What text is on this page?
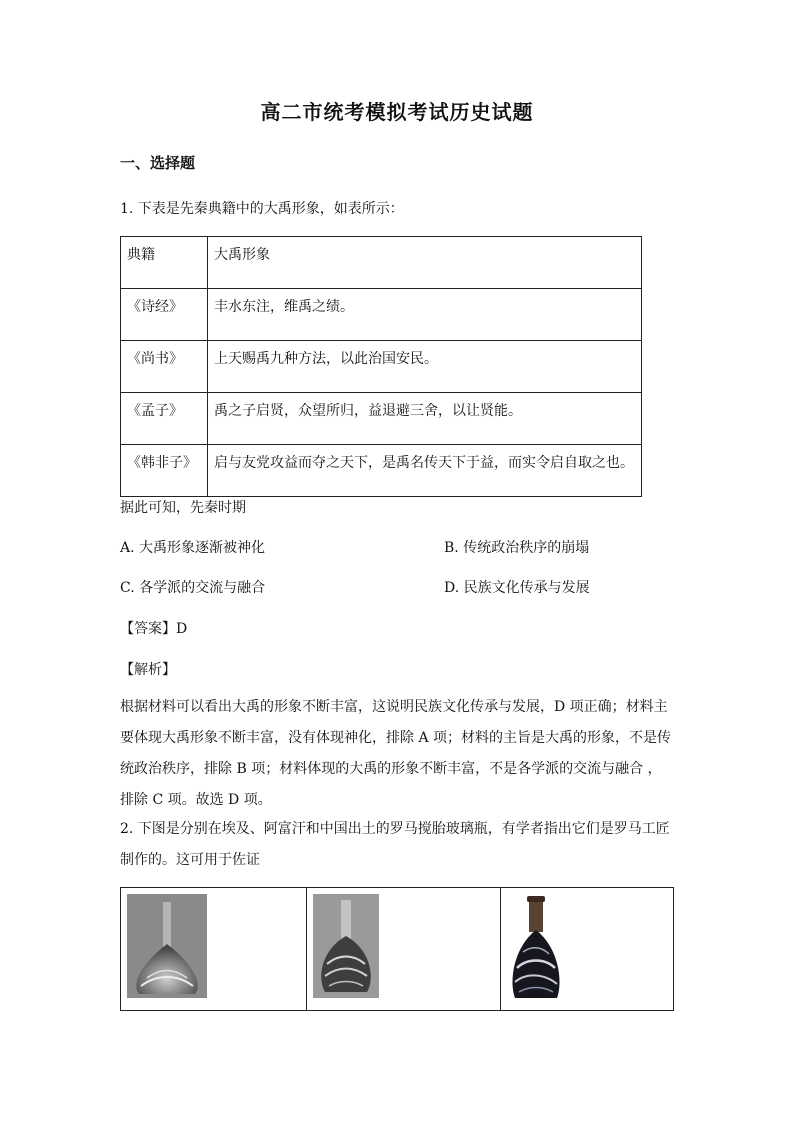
高二市统考模拟考试历史试题
一、选择题
1. 下表是先秦典籍中的大禹形象，如表所示：
典籍	大禹形象
《诗经》	丰水东注，维禹之绩。
《尚书》	上天赐禹九种方法，以此治国安民。
《孟子》	禹之子启贤，众望所归，益退避三舍，以让贤能。
《韩非子》	启与友党攻益而夺之天下，是禹名传天下于益，而实令启自取之也。
据此可知，先秦时期
A. 大禹形象逐渐被神化	B. 传统政治秩序的崩塌
C. 各学派的交流与融合	D. 民族文化传承与发展
【答案】D
【解析】
根据材料可以看出大禹的形象不断丰富，这说明民族文化传承与发展，D 项正确；材料主要体现大禹形象不断丰富，没有体现神化，排除 A 项；材料的主旨是大禹的形象，不是传统政治秩序，排除 B 项；材料体现的大禹的形象不断丰富，不是各学派的交流与融合 ，排除 C 项。故选 D 项。
2. 下图是分别在埃及、阿富汗和中国出土的罗马搅胎玻璃瓶，有学者指出它们是罗马工匠制作的。这可用于佐证
